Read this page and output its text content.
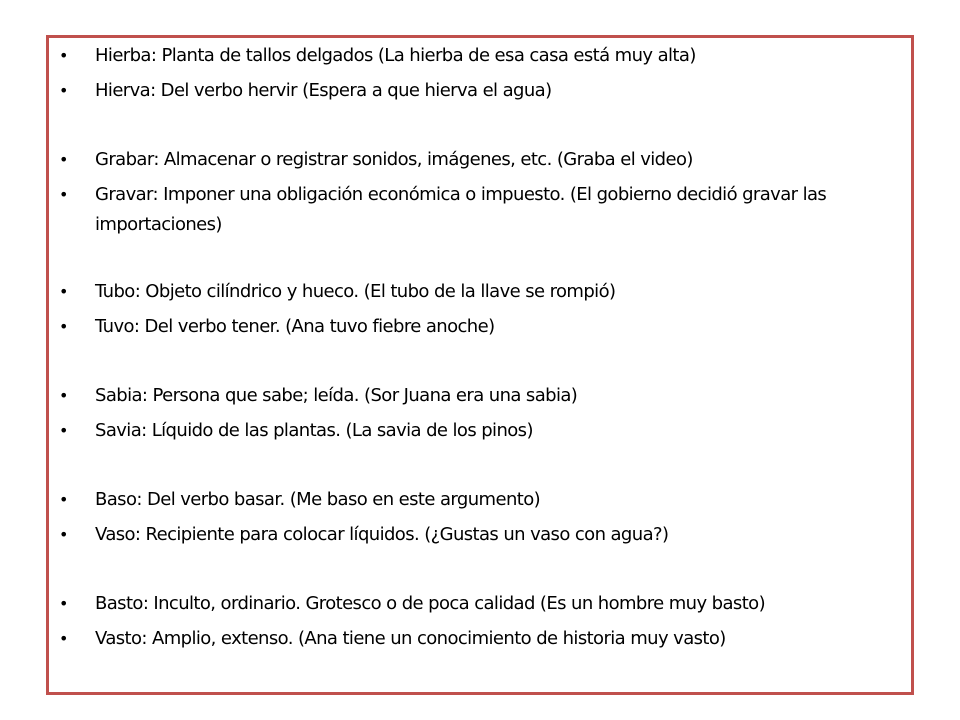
• Hierba: Planta de tallos delgados (La hierba de esa casa está muy alta)
• Hierva: Del verbo hervir (Espera a que hierva el agua)
• Grabar: Almacenar o registrar sonidos, imágenes, etc. (Graba el video)
• Gravar: Imponer una obligación económica o impuesto. (El gobierno decidió gravar las importaciones)
• Tubo: Objeto cilíndrico y hueco. (El tubo de la llave se rompió)
• Tuvo: Del verbo tener. (Ana tuvo fiebre anoche)
• Sabia: Persona que sabe; leída. (Sor Juana era una sabia)
• Savia: Líquido de las plantas. (La savia de los pinos)
• Baso: Del verbo basar. (Me baso en este argumento)
• Vaso: Recipiente para colocar líquidos. (¿Gustas un vaso con agua?)
• Basto: Inculto, ordinario. Grotesco o de poca calidad (Es un hombre muy basto)
• Vasto: Amplio, extenso. (Ana tiene un conocimiento de historia muy vasto)
